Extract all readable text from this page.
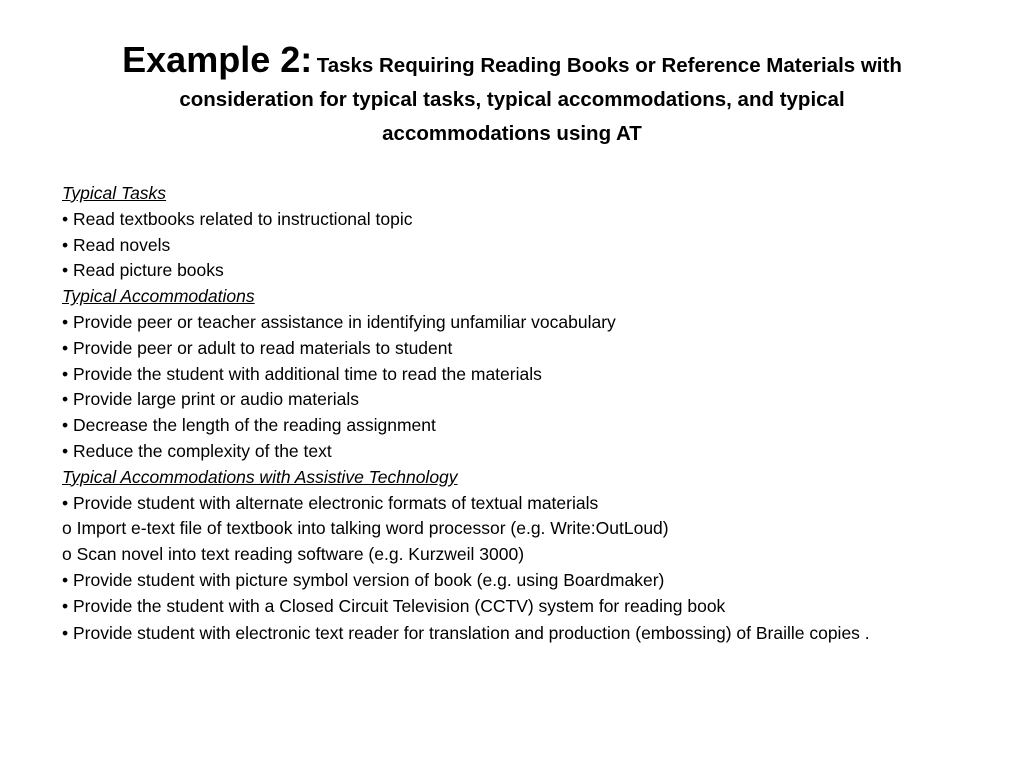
Example 2: Tasks Requiring Reading Books or Reference Materials with consideration for typical tasks, typical accommodations, and typical accommodations using AT
Typical Tasks
• Read textbooks related to instructional topic
• Read novels
• Read picture books
Typical Accommodations
• Provide peer or teacher assistance in identifying unfamiliar vocabulary
• Provide peer or adult to read materials to student
• Provide the student with additional time to read the materials
• Provide large print or audio materials
• Decrease the length of the reading assignment
• Reduce the complexity of the text
Typical Accommodations with Assistive Technology
• Provide student with alternate electronic formats of textual materials
o Import e-text file of textbook into talking word processor (e.g. Write:OutLoud)
o Scan novel into text reading software (e.g. Kurzweil 3000)
• Provide student with picture symbol version of book (e.g. using Boardmaker)
• Provide the student with a Closed Circuit Television (CCTV) system for reading book
• Provide student with electronic text reader for translation and production (embossing) of Braille copies .
